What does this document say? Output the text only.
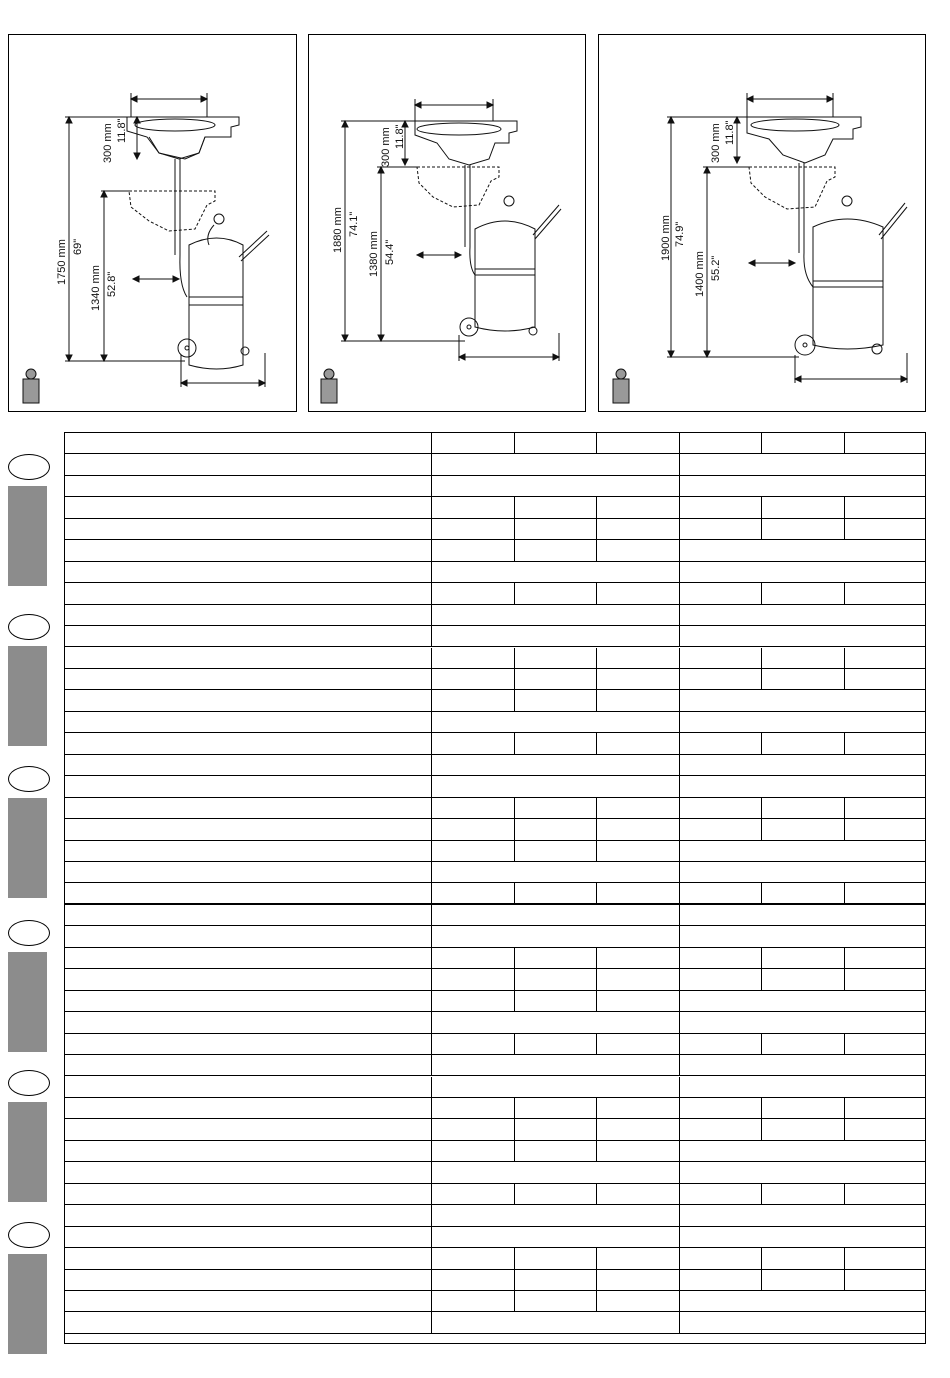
1750 mm 69"
300 mm 11.8"
1340 mm 52.8"
1880 mm 74.1"
300 mm 11.8"
1380 mm 54.4"	1900 mm 74.9"
300 mm 11.8"
1400 mm 55.2"
